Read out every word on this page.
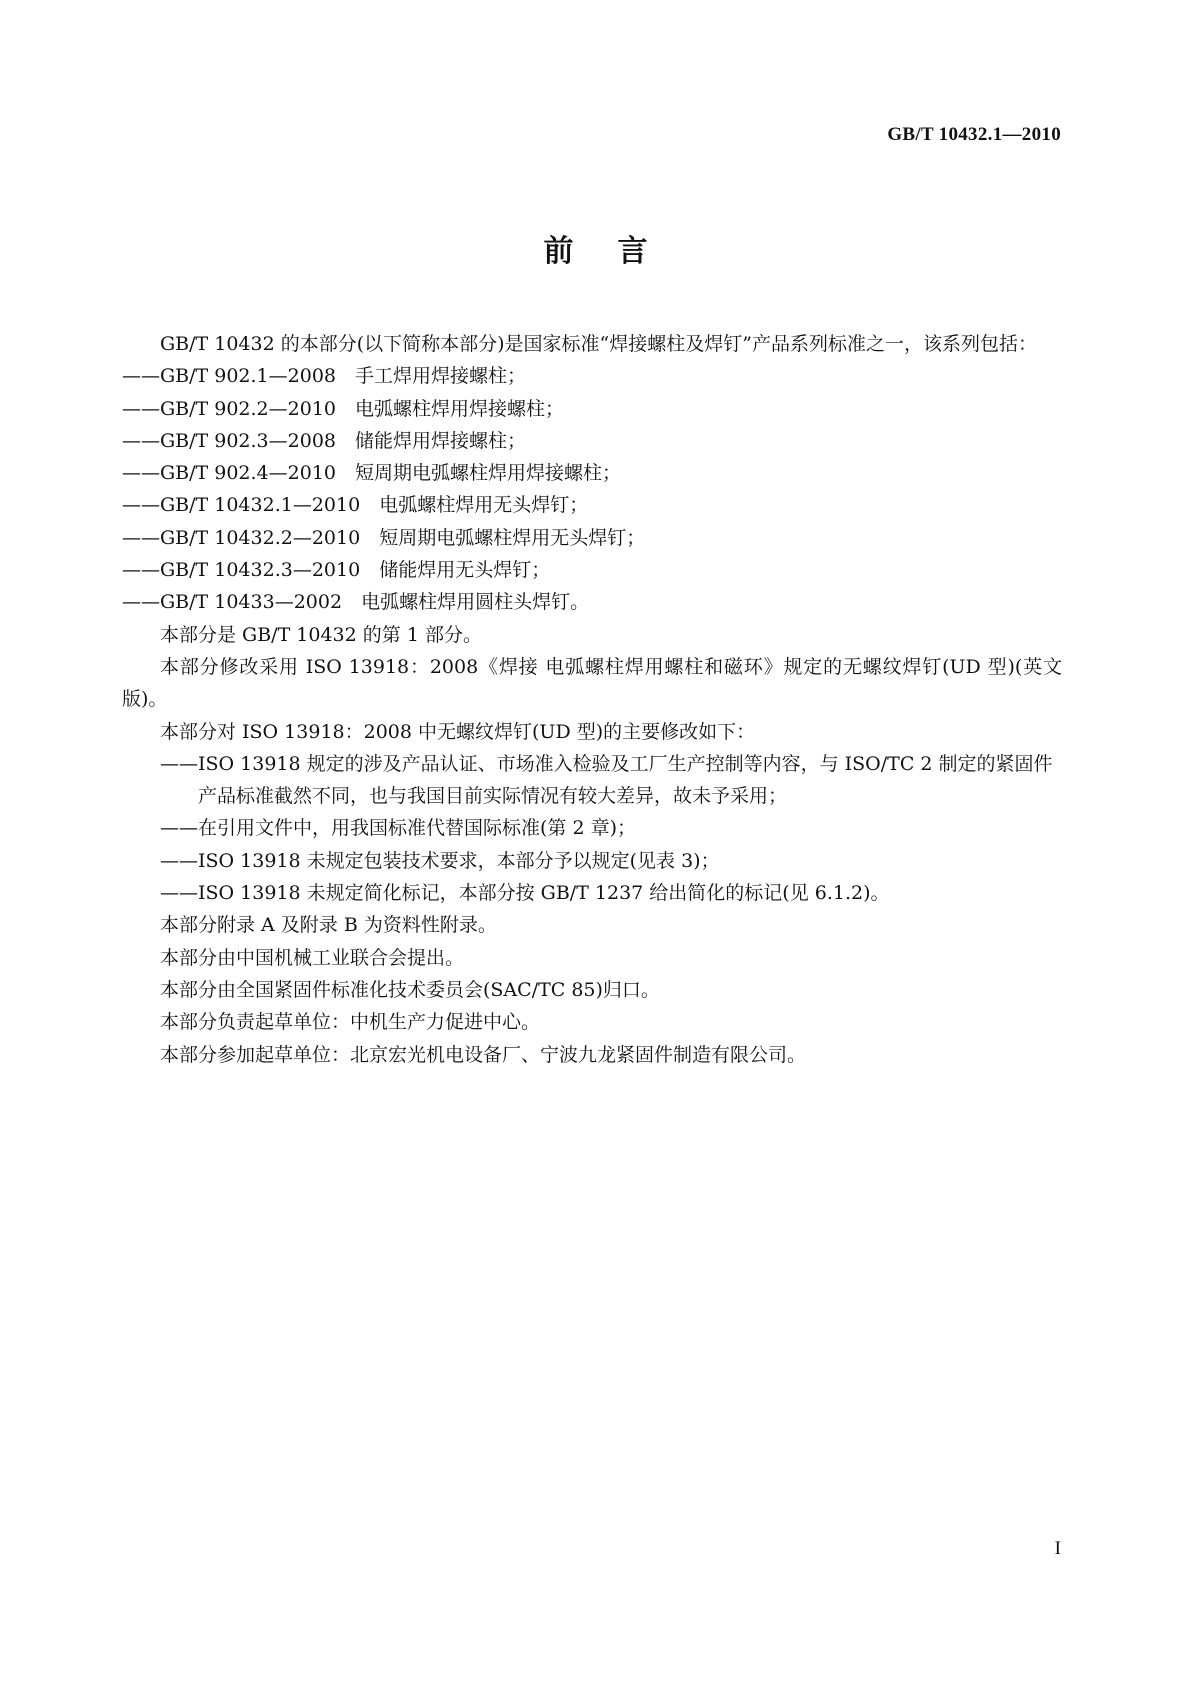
GB/T 10432.1—2010
前言

GB/T 10432 的本部分(以下简称本部分)是国家标准“焊接螺柱及焊钉”产品系列标准之一，该系列包括：

——GB/T 902.1—2008 手工焊用焊接螺柱；

——GB/T 902.2—2010 电弧螺柱焊用焊接螺柱；

——GB/T 902.3—2008 储能焊用焊接螺柱；

——GB/T 902.4—2010 短周期电弧螺柱焊用焊接螺柱；

——GB/T 10432.1—2010 电弧螺柱焊用无头焊钉；

——GB/T 10432.2—2010 短周期电弧螺柱焊用无头焊钉；

——GB/T 10432.3—2010 储能焊用无头焊钉；

——GB/T 10433—2002 电弧螺柱焊用圆柱头焊钉。

本部分是 GB/T 10432 的第 1 部分。

本部分修改采用 ISO 13918：2008《焊接 电弧螺柱焊用螺柱和磁环》规定的无螺纹焊钉(UD 型)(英文版)。

本部分对 ISO 13918：2008 中无螺纹焊钉(UD 型)的主要修改如下：

——ISO 13918 规定的涉及产品认证、市场准入检验及工厂生产控制等内容，与 ISO/TC 2 制定的紧固件产品标准截然不同，也与我国目前实际情况有较大差异，故未予采用；

——在引用文件中，用我国标准代替国际标准(第 2 章)；

——ISO 13918 未规定包装技术要求，本部分予以规定(见表 3)；

——ISO 13918 未规定简化标记，本部分按 GB/T 1237 给出简化的标记(见 6.1.2)。

本部分附录 A 及附录 B 为资料性附录。

本部分由中国机械工业联合会提出。

本部分由全国紧固件标准化技术委员会(SAC/TC 85)归口。

本部分负责起草单位：中机生产力促进中心。

本部分参加起草单位：北京宏光机电设备厂、宁波九龙紧固件制造有限公司。

I
